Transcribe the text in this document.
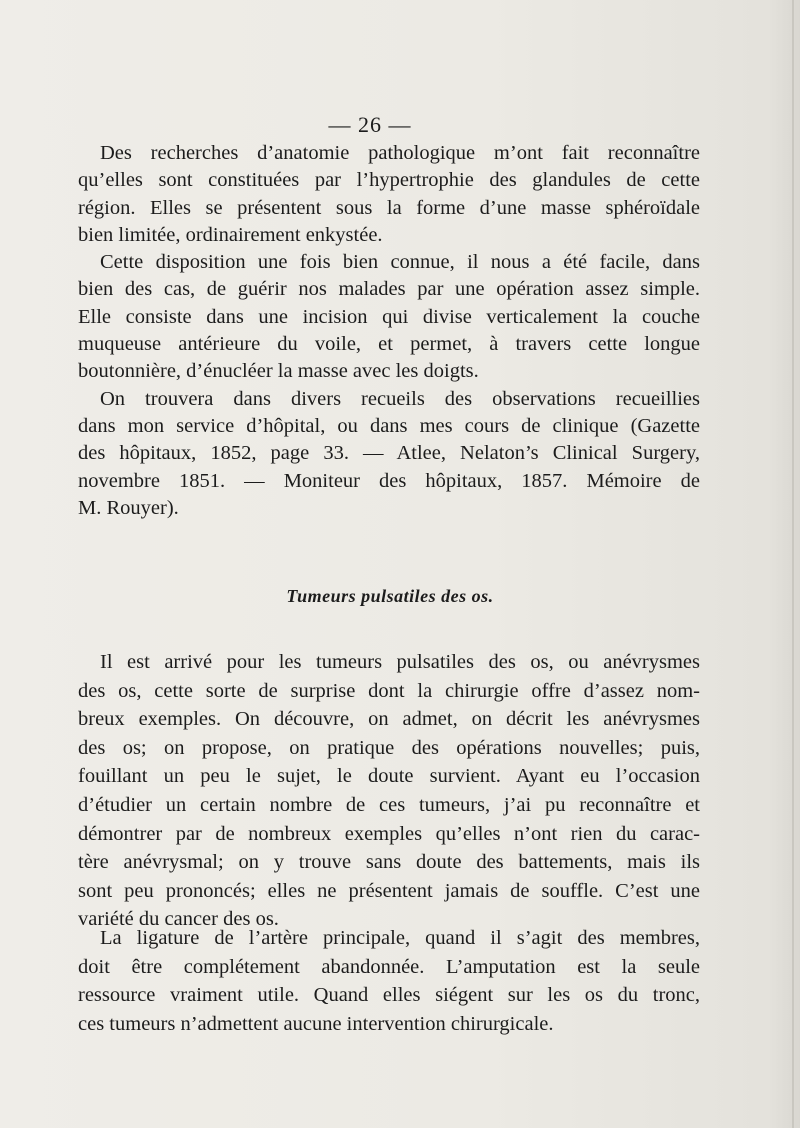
— 26 —
Des recherches d’anatomie pathologique m’ont fait reconnaître
qu’elles sont constituées par l’hypertrophie des glandules de cette
région. Elles se présentent sous la forme d’une masse sphéroïdale
bien limitée, ordinairement enkystée.
Cette disposition une fois bien connue, il nous a été facile, dans
bien des cas, de guérir nos malades par une opération assez simple.
Elle consiste dans une incision qui divise verticalement la couche
muqueuse antérieure du voile, et permet, à travers cette longue
boutonnière, d’énucléer la masse avec les doigts.
On trouvera dans divers recueils des observations recueillies
dans mon service d’hôpital, ou dans mes cours de clinique (Gazette
des hôpitaux, 1852, page 33. — Atlee, Nelaton’s Clinical Surgery,
novembre 1851. — Moniteur des hôpitaux, 1857. Mémoire de
M. Rouyer).
Tumeurs pulsatiles des os.
Il est arrivé pour les tumeurs pulsatiles des os, ou anévrysmes
des os, cette sorte de surprise dont la chirurgie offre d’assez nom-
breux exemples. On découvre, on admet, on décrit les anévrysmes
des os; on propose, on pratique des opérations nouvelles; puis,
fouillant un peu le sujet, le doute survient. Ayant eu l’occasion
d’étudier un certain nombre de ces tumeurs, j’ai pu reconnaître et
démontrer par de nombreux exemples qu’elles n’ont rien du carac-
tère anévrysmal; on y trouve sans doute des battements, mais ils
sont peu prononcés; elles ne présentent jamais de souffle. C’est une
variété du cancer des os.
La ligature de l’artère principale, quand il s’agit des membres,
doit être complétement abandonnée. L’amputation est la seule
ressource vraiment utile. Quand elles siégent sur les os du tronc,
ces tumeurs n’admettent aucune intervention chirurgicale.
